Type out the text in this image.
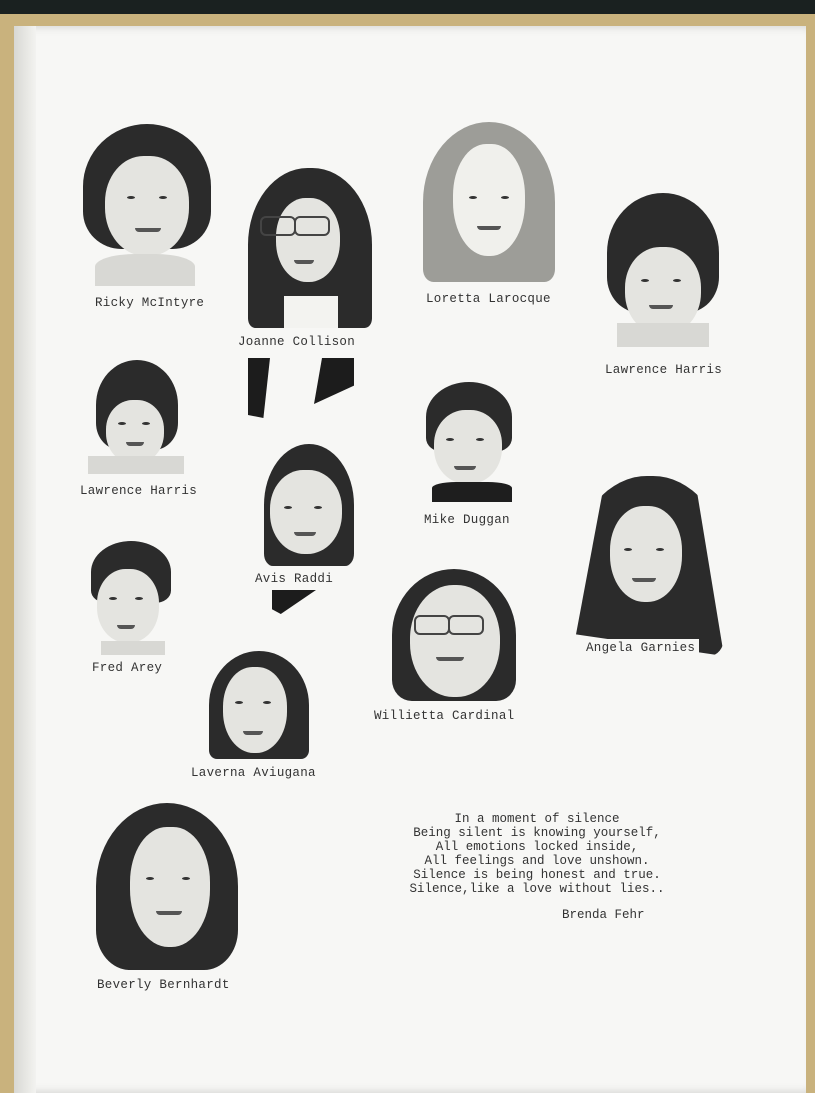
Ricky McIntyre
Joanne Collison
Loretta Larocque
Lawrence Harris
Lawrence Harris
Mike Duggan
Avis Raddi
Angela Garnies
Fred Arey
Willietta Cardinal
Laverna Aviugana
Beverly Bernhardt
In a moment of silence
Being silent is knowing yourself,
All emotions locked inside,
All feelings and love unshown.
Silence is being honest and true.
Silence,like a love without lies..
Brenda Fehr
